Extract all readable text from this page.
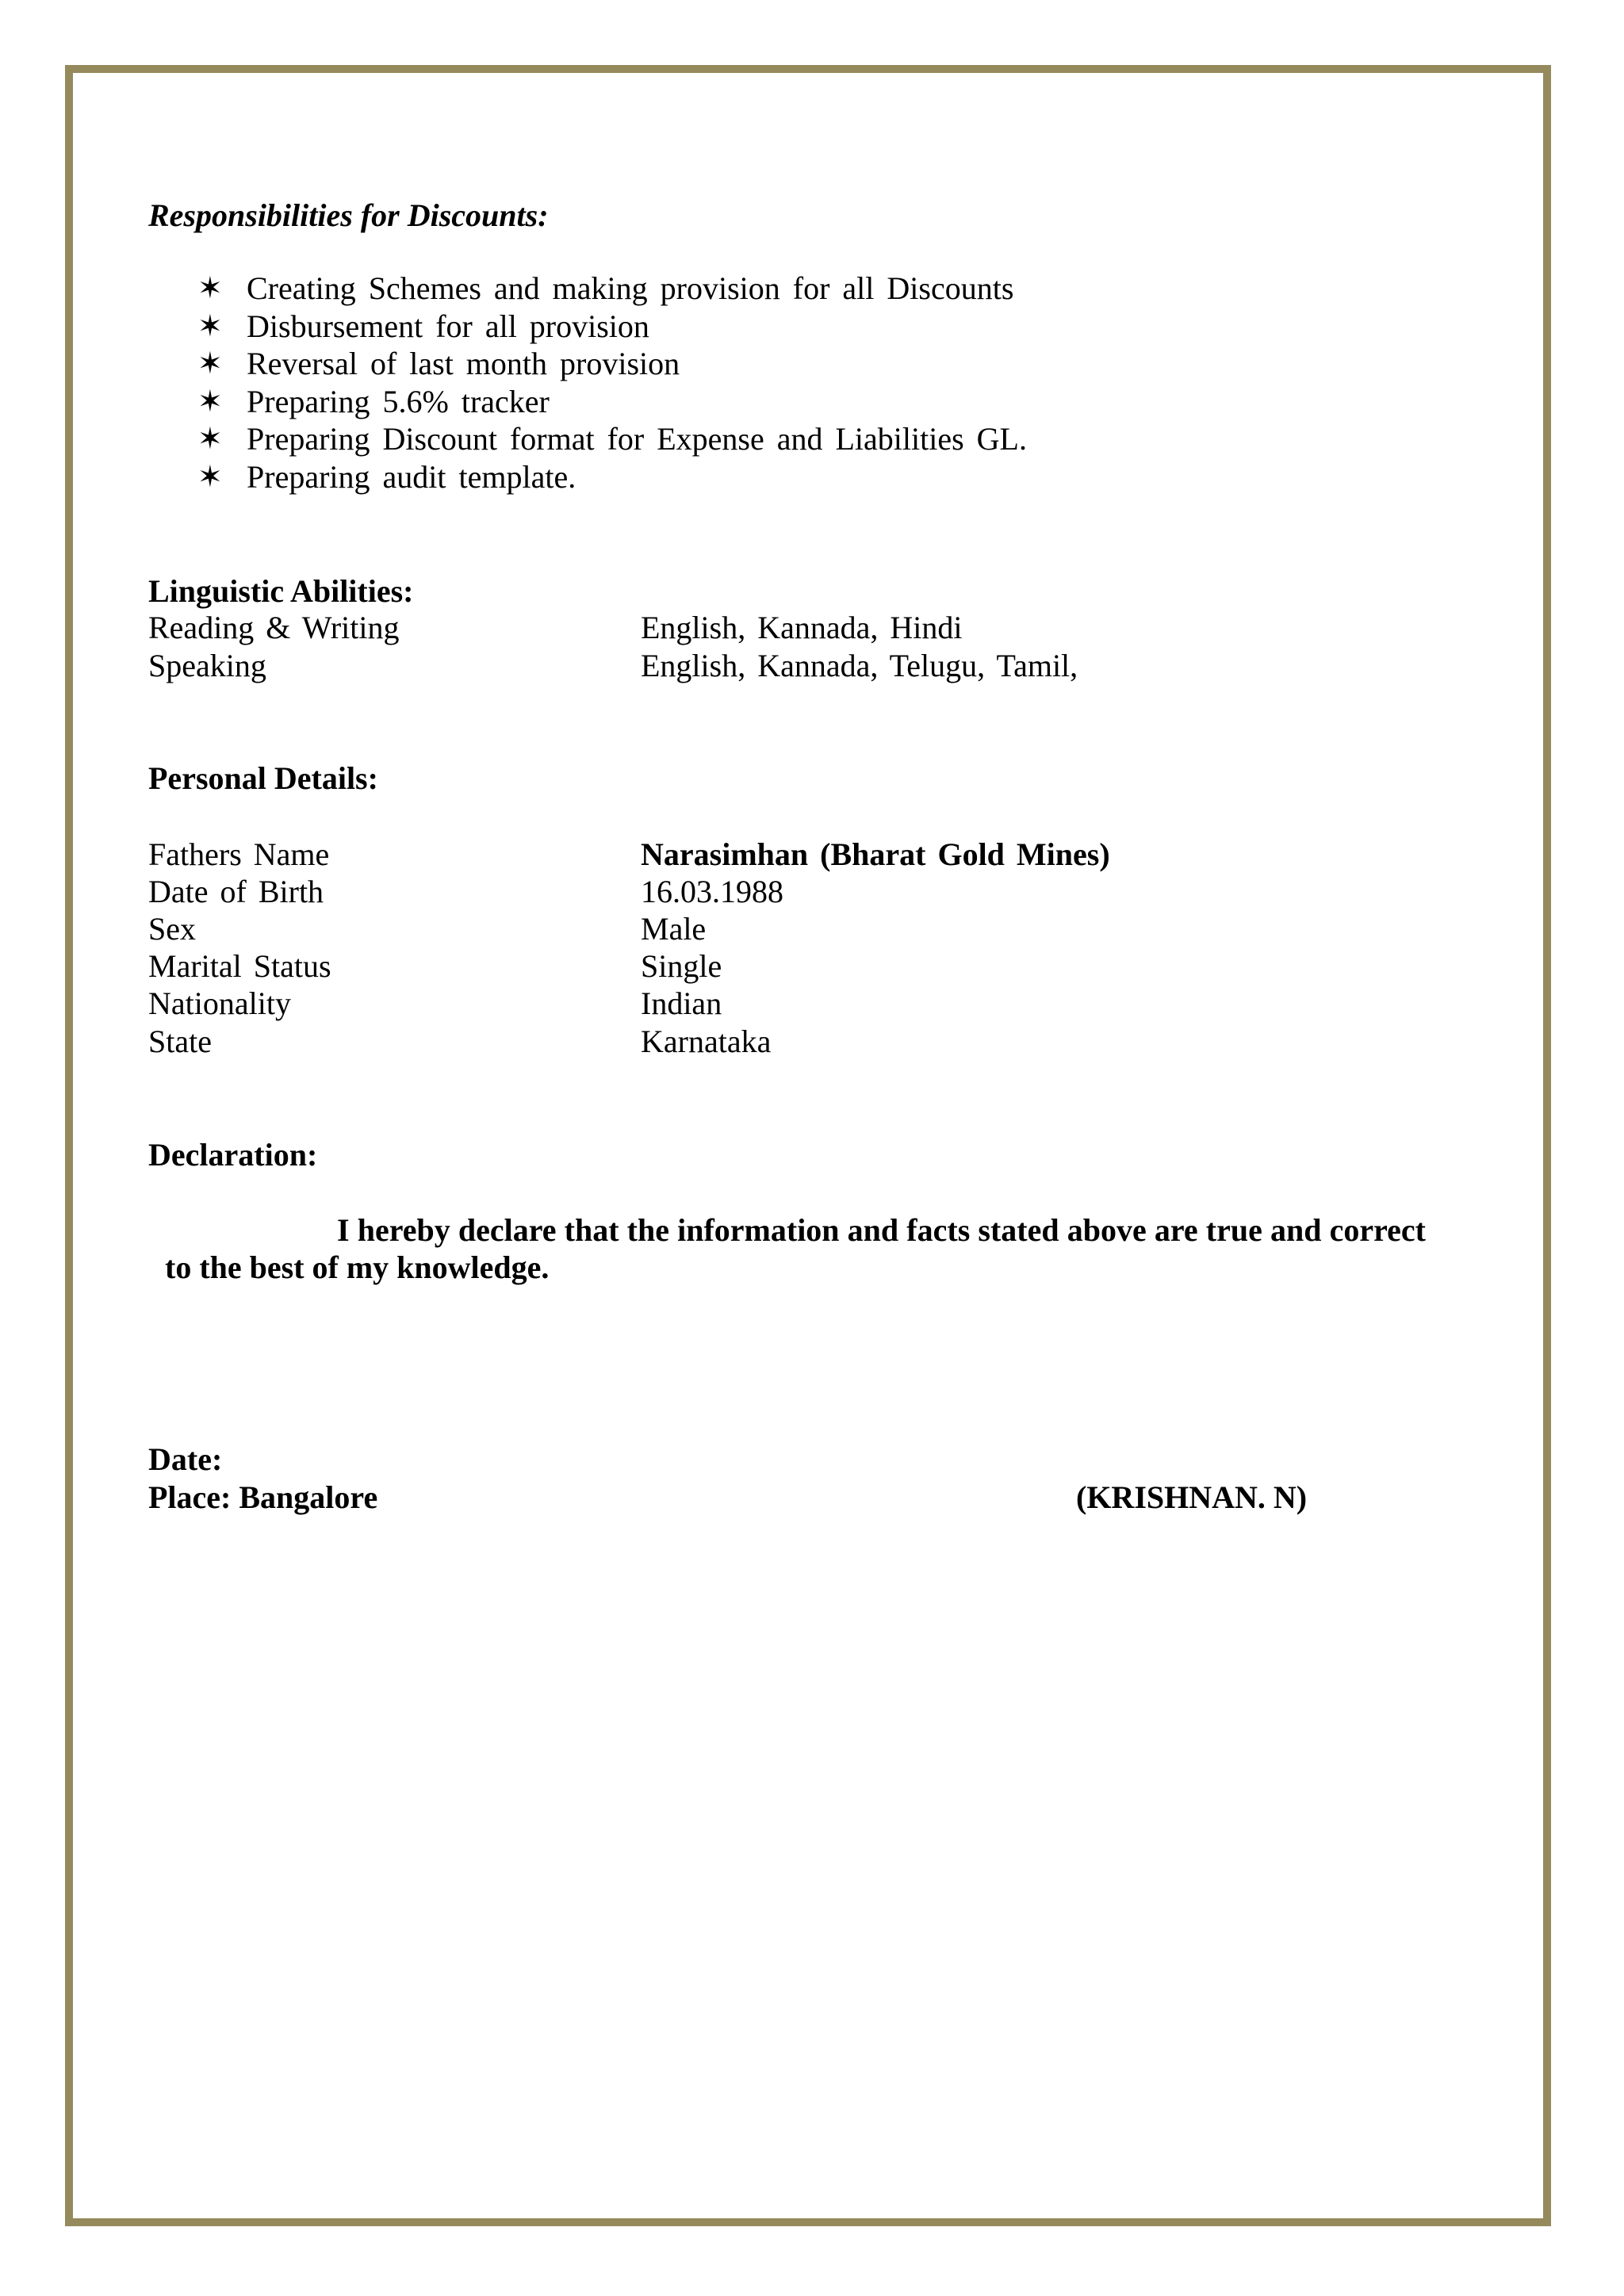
Responsibilities for Discounts:
✶ Creating Schemes and making provision for all Discounts
✶ Disbursement for all provision
✶ Reversal of last month provision
✶ Preparing 5.6% tracker
✶ Preparing Discount format for Expense and Liabilities GL.
✶ Preparing audit template.
Linguistic Abilities:
Reading & Writing	English, Kannada, Hindi
Speaking	English, Kannada, Telugu, Tamil,
Personal Details:
Fathers Name	Narasimhan (Bharat Gold Mines)
Date of Birth	16.03.1988
Sex	Male
Marital Status	Single
Nationality	Indian
State	Karnataka
Declaration:
I hereby declare that the information and facts stated above are true and correct to the best of my knowledge.
Date:
Place: Bangalore	(KRISHNAN. N)
